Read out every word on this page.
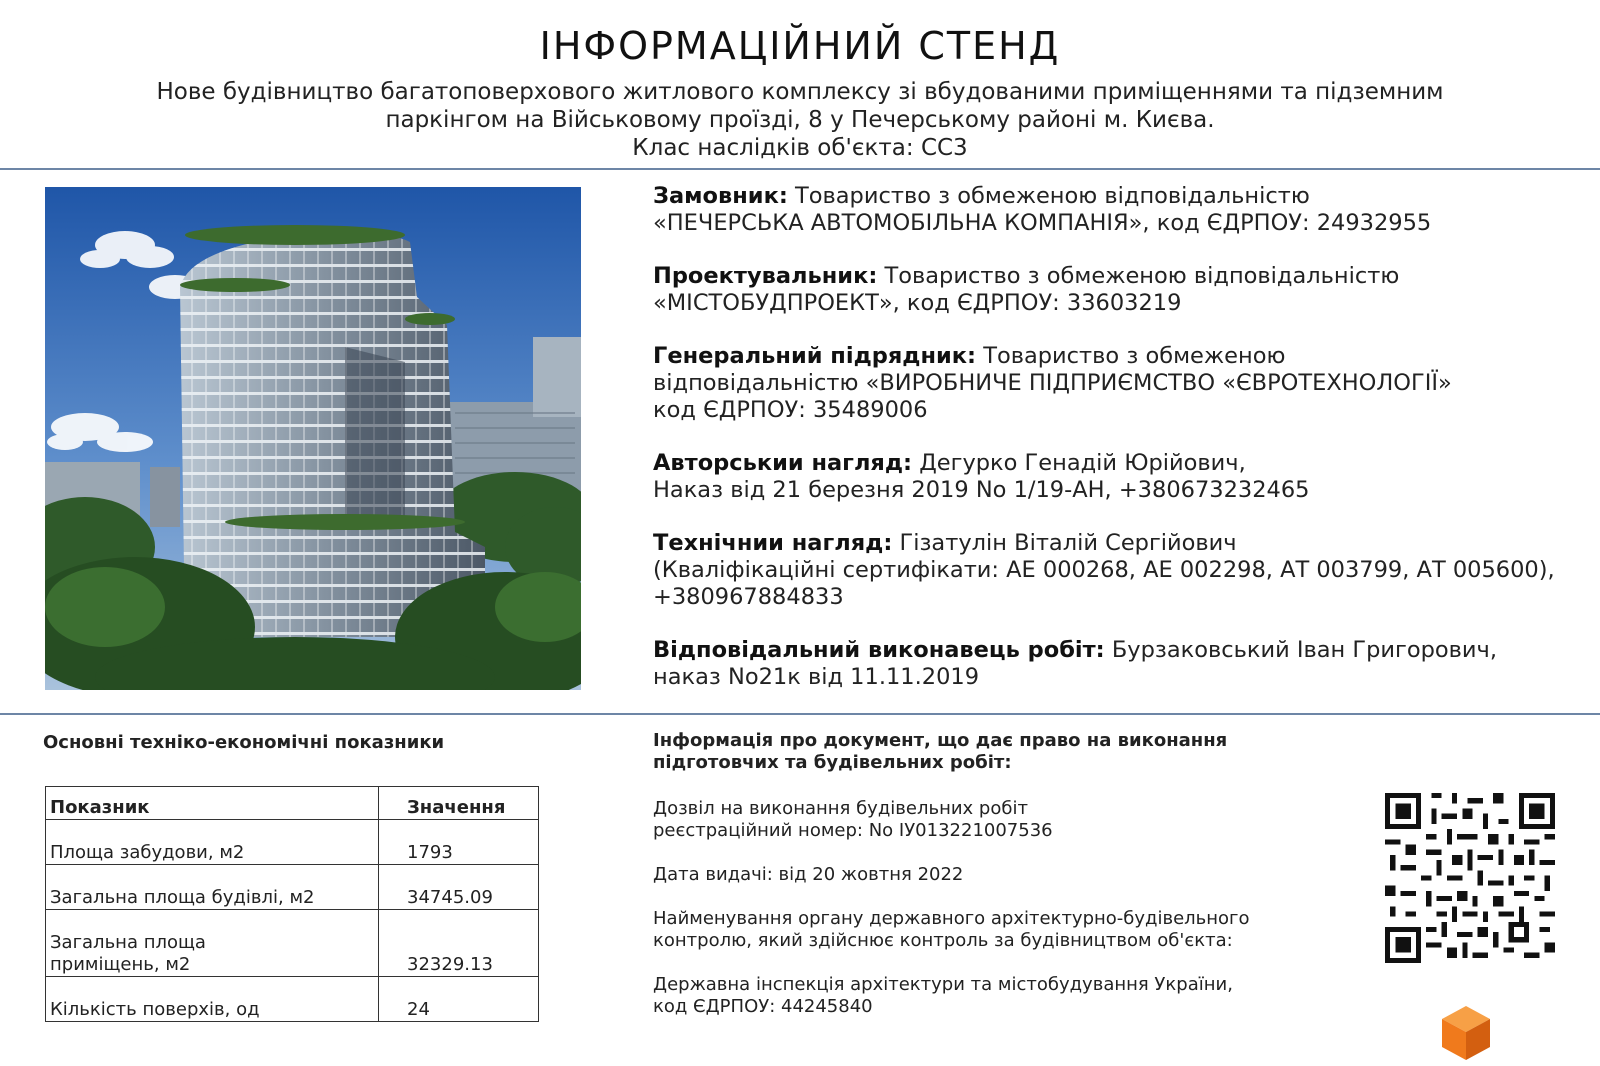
ІНФОРМАЦІЙНИЙ СТЕНД
Нове будівництво багатоповерхового житлового комплексу зі вбудованими приміщеннями та підземним
паркінгом на Військовому проїзді, 8 у Печерському районі м. Києва.
Клас наслідків об'єкта: СС3
Замовник: Товариство з обмеженою відповідальністю
«ПЕЧЕРСЬКА АВТОМОБІЛЬНА КОМПАНІЯ», код ЄДРПОУ: 24932955
Проектувальник: Товариство з обмеженою відповідальністю
«МІСТОБУДПРОЕКТ», код ЄДРПОУ: 33603219
Генеральний підрядник: Товариство з обмеженою
відповідальністю «ВИРОБНИЧЕ ПІДПРИЄМСТВО «ЄВРОТЕХНОЛОГІЇ»
код ЄДРПОУ: 35489006
Авторськии нагляд: Дегурко Генадій Юрійович,
Наказ від 21 березня 2019 No 1/19-АН, +380673232465
Технічнии нагляд: Гізатулін Віталій Сергійович
(Кваліфікаційні сертифікати: АЕ 000268, АЕ 002298, АТ 003799, АТ 005600),
+380967884833
Відповідальний виконавець робіт: Бурзаковський Іван Григорович,
наказ No21к від 11.11.2019
Основні техніко-економічні показники
Показник	Значення
Площа забудови, м2	1793
Загальна площа будівлі, м2	34745.09
Загальна площа
приміщень, м2	32329.13
Кількість поверхів, од	24
Інформація про документ, що дає право на виконання
підготовчих та будівельних робіт:

Дозвіл на виконання будівельних робіт
реєстраційний номер: No ІУ013221007536

Дата видачі: від 20 жовтня 2022

Найменування органу державного архітектурно-будівельного
контролю, який здійснює контроль за будівництвом об'єкта:

Державна інспекція архітектури та містобудування України,
код ЄДРПОУ: 44245840
